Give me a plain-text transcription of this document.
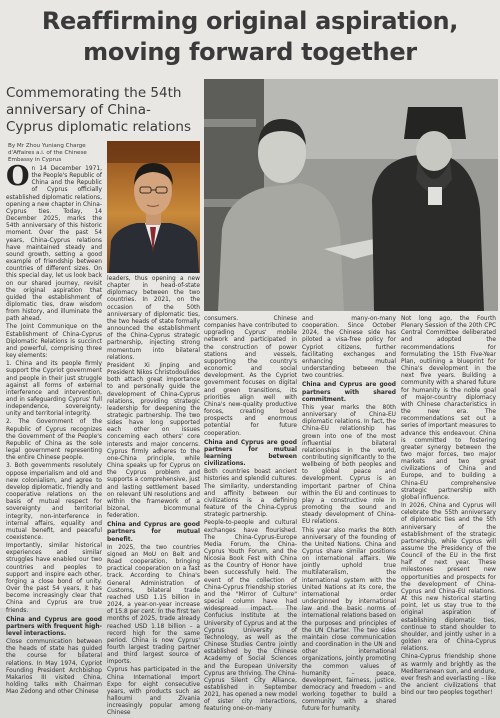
Reaffirming original aspiration,
moving forward together
Commemorating the 54th anniversary of China-Cyprus diplomatic relations
By Mr Zhou Yuniang Charge
d'Affaires a.i. of the Chinese
Embassy in Cyprus

On 14 December 1971, the People's Republic of China and the Republic of Cyprus officially established diplomatic relations, opening a new chapter in China-Cyprus ties. Today, 14 December 2025, marks the 54th anniversary of this historic moment. Over the past 54 years, China-Cyprus relations have maintained steady and sound growth, setting a good example of friendship between countries of different sizes. On this special day, let us look back on our shared journey, revisit the original aspiration that guided the establishment of diplomatic ties, draw wisdom from history, and illuminate the path ahead.

The Joint Communique on the Establishment of China-Cyprus Diplomatic Relations is succinct and powerful, comprising three key elements:

1. China and its people firmly support the Cypriot government and people in their just struggle against all forms of external interference and intervention, and in safeguarding Cyprus' full independence, sovereignty, unity and territorial integrity.

2. The Government of the Republic of Cyprus recognizes the Government of the People's Republic of China as the sole legal government representing the entire Chinese people.

3. Both governments resolutely oppose imperialism and old and new colonialism, and agree to develop diplomatic, friendly and cooperative relations on the basis of mutual respect for sovereignty and territorial integrity, non-interference in internal affairs, equality and mutual benefit, and peaceful coexistence.

Importantly, similar historical experiences and similar struggles have enabled our two countries and peoples to support and inspire each other, forging a close bond of unity. Over the past 54 years, it has become increasingly clear that China and Cyprus are true friends.

China and Cyprus are good partners with frequent high-level interactions.

Close communication between the heads of state has guided the course for bilateral relations. In May 1974, Cypriot Founding President Archbishop Makarios III visited China, holding talks with Chairman Mao Zedong and other Chinese

leaders, thus opening a new chapter in head-of-state diplomacy between the two countries. In 2021, on the occasion of the 50th anniversary of diplomatic ties, the two heads of state formally announced the establishment of the China-Cyprus strategic partnership, injecting strong momentum into bilateral relations.

President Xi Jinping and President Nikos Christodoulides both attach great importance to and personally guide the development of China-Cyprus relations, providing strategic leadership for deepening the strategic partnership. The two sides have long supported each other on issues concerning each others' core interests and major concerns. Cyprus firmly adheres to the one-China principle, while China speaks up for Cyprus on the Cyprus problem and supports a comprehensive, just and lasting settlement based on relevant UN resolutions and within the framework of a bizonal, bicommunal federation.

China and Cyprus are good partners for mutual benefit.

In 2025, the two countries signed an MoU on Belt and Road cooperation, bringing practical cooperation on a fast track. According to China's General Administration of Customs, bilateral trade reached USD 1.15 billion in 2024, a year-on-year increase of 15.8 per cent. In the first ten months of 2025, trade already reached USD 1.18 billion – a record high for the same period. China is now Cyprus' fourth largest trading partner and third largest source of imports.

Cyprus has participated in the China International Import Expo for eight consecutive years, with products such as halloumi and Zivania increasingly popular among Chinese

consumers. Chinese companies have contributed to upgrading Cyprus' mobile network and participated in the construction of power stations and vessels, supporting the country's economic and social development. As the Cypriot government focuses on digital and green transitions, its priorities align well with China's new-quality productive forces, creating broad prospects and enormous potential for future cooperation.

China and Cyprus are good partners for mutual learning between civilizations.

Both countries boast ancient histories and splendid cultures. The similarity, understanding and affinity between our civilizations is a defining feature of the China-Cyprus strategic partnership.

People-to-people and cultural exchanges have flourished. The China-Cyprus-Europe Media Forum, the China-Cyprus Youth Forum, and the Nicosia Book Fest with China as the Country of Honor have been successfully held. The event of the collection of China-Cyprus friendship stories and the "Mirror of Culture" special column have had widespread impact. The Confucius Institute at the University of Cyprus and at the Cyprus University of Technology, as well as the Chinese Studies Centre jointly established by the Chinese Academy of Social Sciences and the European University Cyprus are thriving. The China-Cyprus Silent City Alliance, established in September 2021, has opened a new model of sister city interactions, featuring one-on-many

and many-on-many cooperation. Since October 2024, the Chinese side has piloted a visa-free policy for Cypriot citizens, further facilitating exchanges and enhancing mutual understanding between the two countries.

China and Cyprus are good partners with shared commitment.

This year marks the 80th anniversary of China-EU diplomatic relations. In fact, the China-EU relationship has grown into one of the most influential bilateral relationships in the world, contributing significantly to the wellbeing of both peoples and to global peace and development. Cyprus is an important partner of China within the EU and continues to play a constructive role in promoting the sound and steady development of China-EU relations.

This year also marks the 80th anniversary of the founding of the United Nations. China and Cyprus share similar positions on international affairs. We jointly uphold true multilateralism, the international system with the United Nations at its core, the international order underpinned by international law and the basic norms of international relations based on the purposes and principles of the UN Charter. The two sides maintain close communication and coordination in the UN and other international organizations, jointly promoting the common values of humanity – peace, development, fairness, justice, democracy and freedom – and working together to build a community with a shared future for humanity.

Not long ago, the Fourth Plenary Session of the 20th CPC Central Committee deliberated and adopted the recommendations for formulating the 15th Five-Year Plan, outlining a blueprint for China's development in the next five years. Building a community with a shared future for humanity is the noble goal of major-country diplomacy with Chinese characteristics in the new era. The recommendations set out a series of important measures to advance this endeavour. China is committed to fostering greater synergy between the two major forces, two major markets and two great civilizations of China and Europe, and to building a China-EU comprehensive strategic partnership with global influence.

In 2026, China and Cyprus will celebrate the 55th anniversary of diplomatic ties and the 5th anniversary of the establishment of the strategic partnership, while Cyprus will assume the Presidency of the Council of the EU in the first half of next year. These milestones present new opportunities and prospects for the development of China-Cyprus and China-EU relations. At this new historical starting point, let us stay true to the original aspiration of establishing diplomatic ties, continue to stand shoulder to shoulder, and jointly usher in a golden era of China-Cyprus relations.

China-Cyprus friendship shone as warmly and brightly as the Mediterranean sun, and endure, ever fresh and everlasting – like the ancient civilizations that bind our two peoples together!
